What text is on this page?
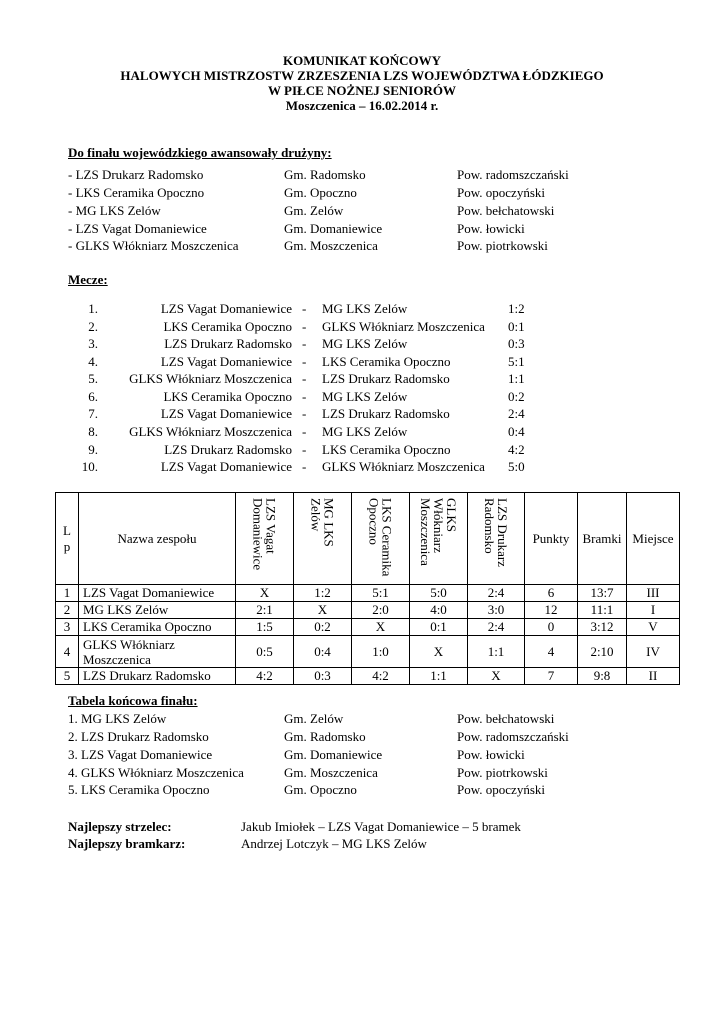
KOMUNIKAT KOŃCOWY
HALOWYCH MISTRZOSTW ZRZESZENIA LZS WOJEWÓDZTWA ŁÓDZKIEGO
W PIŁCE NOŻNEJ SENIORÓW
Moszczenica – 16.02.2014 r.
Do finału wojewódzkiego awansowały drużyny:
- LZS Drukarz Radomsko	Gm. Radomsko	Pow. radomszczański
- LKS Ceramika Opoczno	Gm. Opoczno	Pow. opoczyński
- MG LKS Zelów	Gm. Zelów	Pow. bełchatowski
- LZS Vagat Domaniewice	Gm. Domaniewice	Pow. łowicki
- GLKS Włókniarz Moszczenica	Gm. Moszczenica	Pow. piotrkowski
Mecze:
1.	LZS Vagat Domaniewice - MG LKS Zelów	1:2
2.	LKS Ceramika Opoczno - GLKS Włókniarz Moszczenica 0:1
3.	LZS Drukarz Radomsko - MG LKS Zelów	0:3
4.	LZS Vagat Domaniewice - LKS Ceramika Opoczno	5:1
5. GLKS Włókniarz Moszczenica - LZS Drukarz Radomsko	1:1
6.	LKS Ceramika Opoczno - MG LKS Zelów	0:2
7.	LZS Vagat Domaniewice - LZS Drukarz Radomsko	2:4
8. GLKS Włókniarz Moszczenica - MG LKS Zelów	0:4
9.	LZS Drukarz Radomsko - LKS Ceramika Opoczno	4:2
10.	LZS Vagat Domaniewice - GLKS Włókniarz Moszczenica 5:0
L p	Nazwa zespołu	LZS Vagat Domaniewice	MG LKS Zelów	LKS Ceramika Opoczno	GLKS Włókniarz Moszczenica	LZS Drukarz Radomsko	Punkty	Bramki	Miejsce
1	LZS Vagat Domaniewice	X	1:2	5:1	5:0	2:4	6	13:7	III
2	MG LKS Zelów	2:1	X	2:0	4:0	3:0	12	11:1	I
3	LKS Ceramika Opoczno	1:5	0:2	X	0:1	2:4	0	3:12	V
4	GLKS Włókniarz Moszczenica	0:5	0:4	1:0	X	1:1	4	2:10	IV
5	LZS Drukarz Radomsko	4:2	0:3	4:2	1:1	X	7	9:8	II
Tabela końcowa finału:
1. MG LKS Zelów	Gm. Zelów	Pow. bełchatowski
2. LZS Drukarz Radomsko	Gm. Radomsko	Pow. radomszczański
3. LZS Vagat Domaniewice	Gm. Domaniewice	Pow. łowicki
4. GLKS Włókniarz Moszczenica	Gm. Moszczenica	Pow. piotrkowski
5. LKS Ceramika Opoczno	Gm. Opoczno	Pow. opoczyński
Najlepszy strzelec:	Jakub Imiołek – LZS Vagat Domaniewice – 5 bramek
Najlepszy bramkarz:	Andrzej Lotczyk – MG LKS Zelów
